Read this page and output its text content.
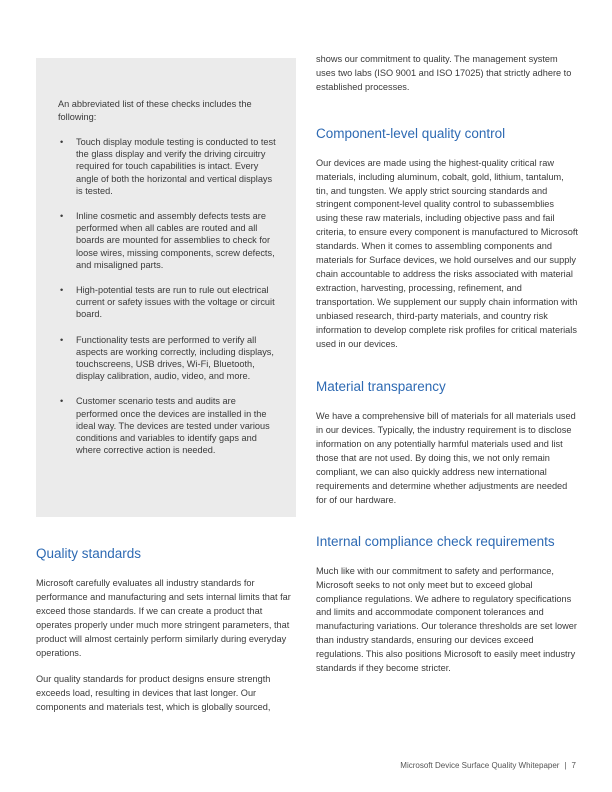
An abbreviated list of these checks includes the following:

• Touch display module testing is conducted to test the glass display and verify the driving circuitry required for touch capabilities is intact. Every angle of both the horizontal and vertical displays is tested.
• Inline cosmetic and assembly defects tests are performed when all cables are routed and all boards are mounted for assemblies to check for loose wires, missing components, screw defects, and misaligned parts.
• High-potential tests are run to rule out electrical current or safety issues with the voltage or circuit board.
• Functionality tests are performed to verify all aspects are working correctly, including displays, touchscreens, USB drives, Wi-Fi, Bluetooth, display calibration, audio, video, and more.
• Customer scenario tests and audits are performed once the devices are installed in the ideal way. The devices are tested under various conditions and variables to identify gaps and where corrective action is needed.
Quality standards

Microsoft carefully evaluates all industry standards for performance and manufacturing and sets internal limits that far exceed those standards. If we can create a product that operates properly under much more stringent parameters, that product will almost certainly perform similarly during everyday operations.

Our quality standards for product designs ensure strength exceeds load, resulting in devices that last longer. Our components and materials test, which is globally sourced,

shows our commitment to quality. The management system uses two labs (ISO 9001 and ISO 17025) that strictly adhere to established processes.

Component-level quality control

Our devices are made using the highest-quality critical raw materials, including aluminum, cobalt, gold, lithium, tantalum, tin, and tungsten. We apply strict sourcing standards and stringent component-level quality control to subassemblies using these raw materials, including objective pass and fail criteria, to ensure every component is manufactured to Microsoft standards. When it comes to assembling components and materials for Surface devices, we hold ourselves and our supply chain accountable to address the risks associated with material extraction, harvesting, processing, refinement, and transportation. We supplement our supply chain information with unbiased research, third-party materials, and country risk information to develop complete risk profiles for critical materials used in our devices.

Material transparency

We have a comprehensive bill of materials for all materials used in our devices. Typically, the industry requirement is to disclose information on any potentially harmful materials used and list those that are not used. By doing this, we not only remain compliant, we can also quickly address new international requirements and determine whether adjustments are needed for of our hardware.

Internal compliance check requirements

Much like with our commitment to safety and performance, Microsoft seeks to not only meet but to exceed global compliance regulations. We adhere to regulatory specifications and limits and accommodate component tolerances and manufacturing variations. Our tolerance thresholds are set lower than industry standards, ensuring our devices exceed regulations. This also positions Microsoft to easily meet industry standards if they become stricter.

Microsoft Device Surface Quality Whitepaper | 7
